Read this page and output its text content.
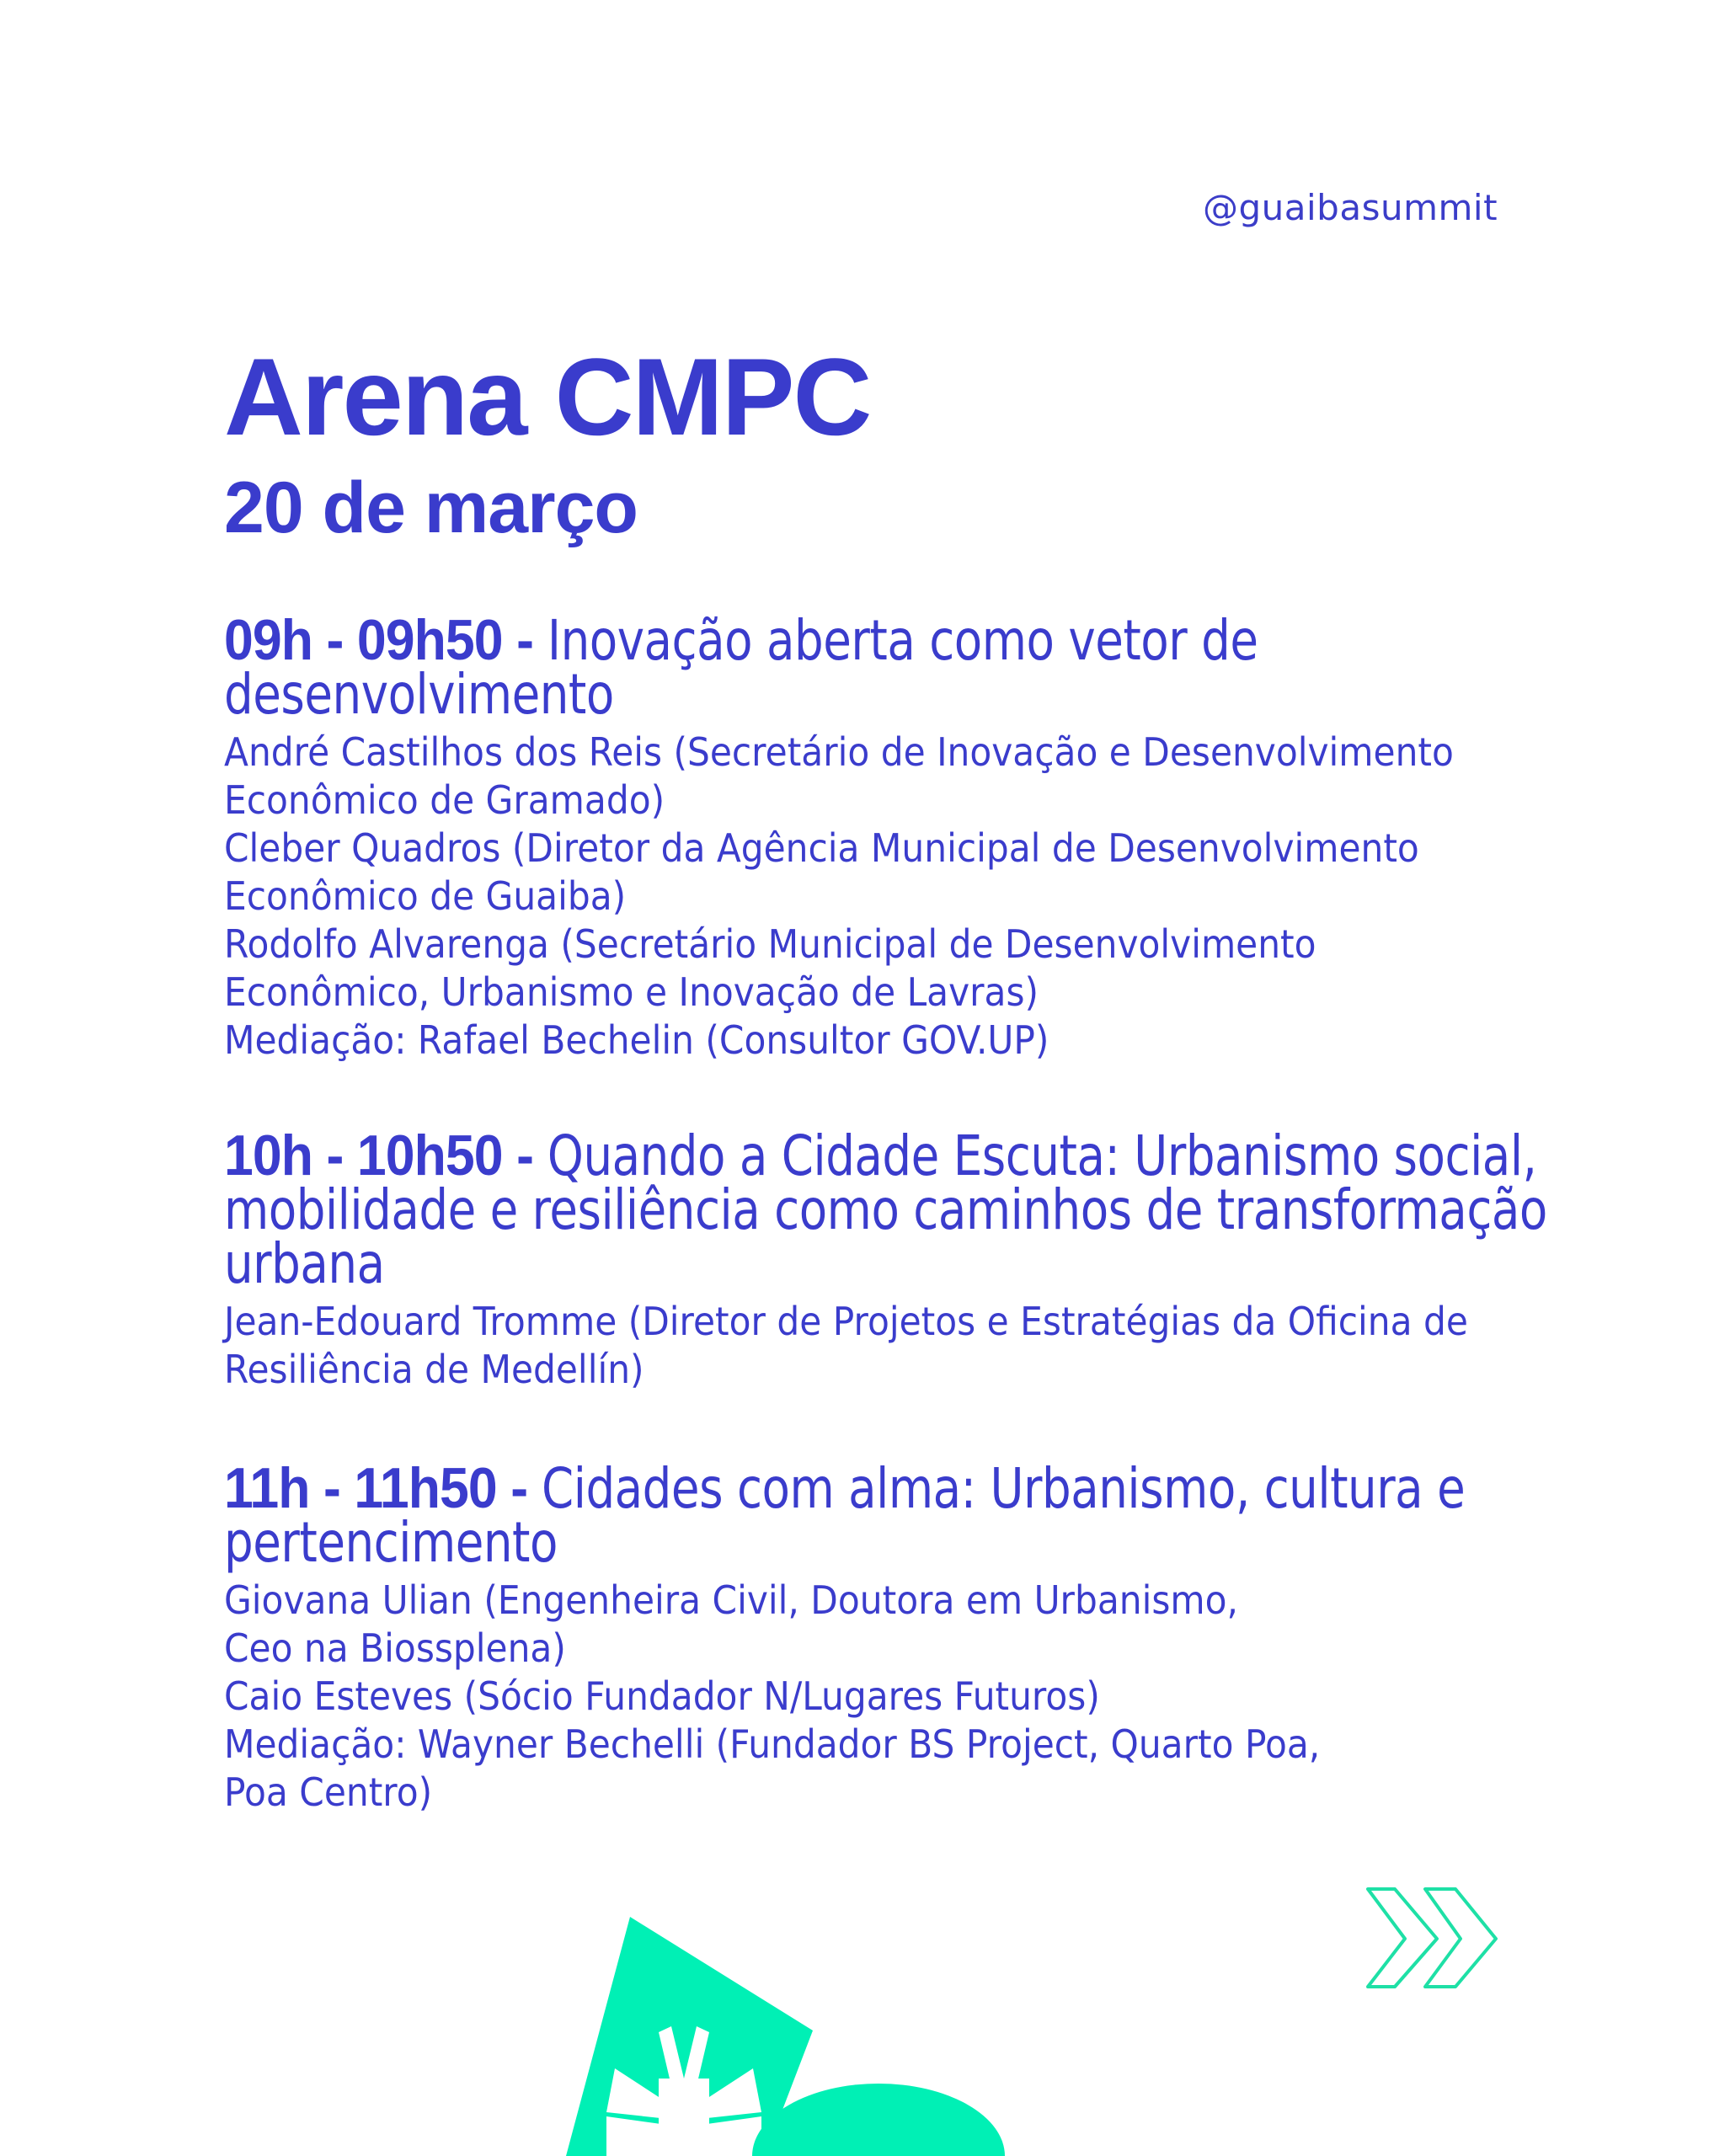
@guaibasummit
Arena CMPC
20 de março
09h - 09h50 - Inovação aberta como vetor de desenvolvimento
André Castilhos dos Reis (Secretário de Inovação e Desenvolvimento
Econômico de Gramado)
Cleber Quadros (Diretor da Agência Municipal de Desenvolvimento
Econômico de Guaiba)
Rodolfo Alvarenga (Secretário Municipal de Desenvolvimento
Econômico, Urbanismo e Inovação de Lavras)
Mediação: Rafael Bechelin (Consultor GOV.UP)
10h - 10h50 - Quando a Cidade Escuta: Urbanismo social, mobilidade e resiliência como caminhos de transformação urbana
Jean-Edouard Tromme (Diretor de Projetos e Estratégias da Oficina de
Resiliência de Medellín)
11h - 11h50 - Cidades com alma: Urbanismo, cultura e pertencimento
Giovana Ulian (Engenheira Civil, Doutora em Urbanismo,
Ceo na Biossplena)
Caio Esteves (Sócio Fundador N/Lugares Futuros)
Mediação: Wayner Bechelli (Fundador BS Project, Quarto Poa,
Poa Centro)
